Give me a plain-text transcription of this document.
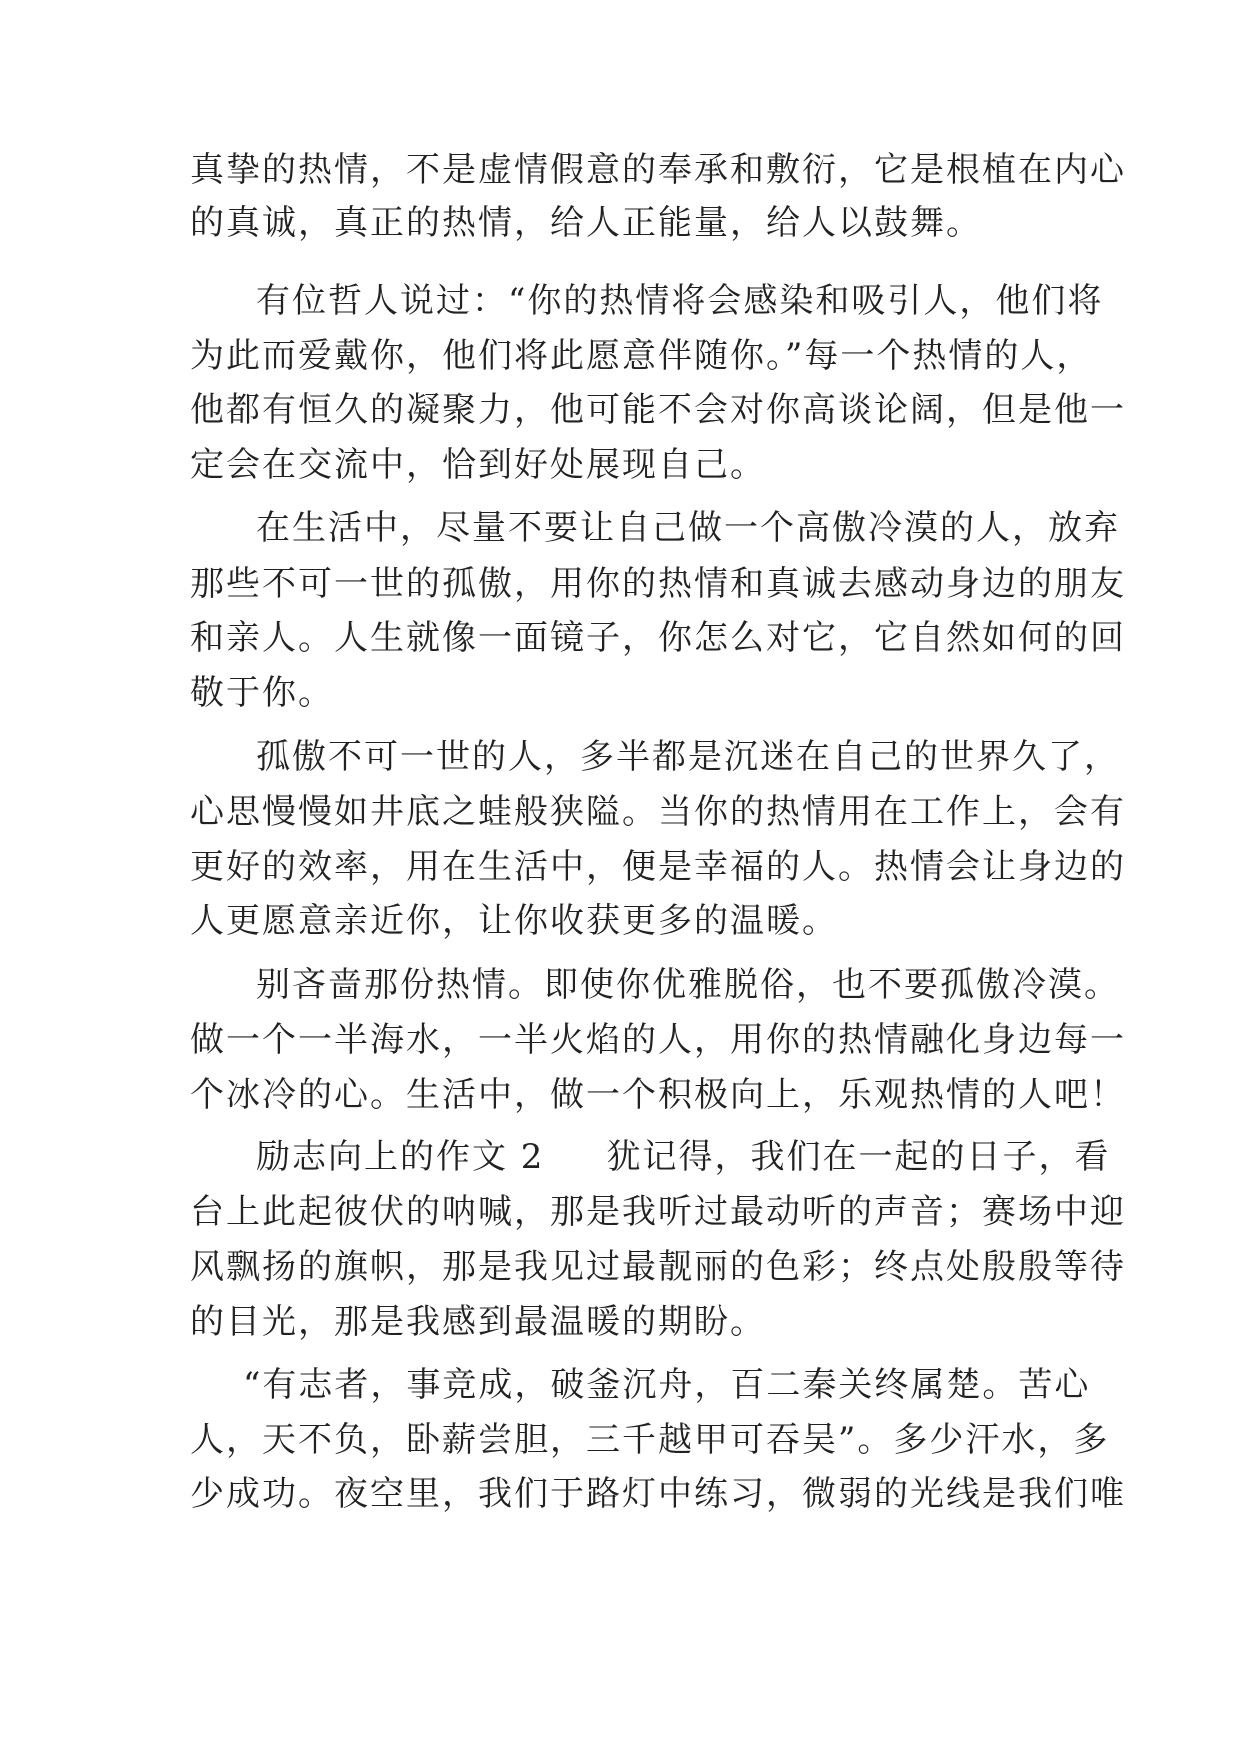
真挚的热情，不是虚情假意的奉承和敷衍，它是根植在内心
的真诚，真正的热情，给人正能量，给人以鼓舞。
有位哲人说过：“你的热情将会感染和吸引人，他们将
为此而爱戴你，他们将此愿意伴随你。”每一个热情的人，
他都有恒久的凝聚力，他可能不会对你高谈论阔，但是他一
定会在交流中，恰到好处展现自己。
在生活中，尽量不要让自己做一个高傲冷漠的人，放弃
那些不可一世的孤傲，用你的热情和真诚去感动身边的朋友
和亲人。人生就像一面镜子，你怎么对它，它自然如何的回
敬于你。
孤傲不可一世的人，多半都是沉迷在自己的世界久了，
心思慢慢如井底之蛙般狭隘。当你的热情用在工作上，会有
更好的效率，用在生活中，便是幸福的人。热情会让身边的
人更愿意亲近你，让你收获更多的温暖。
别吝啬那份热情。即使你优雅脱俗，也不要孤傲冷漠。
做一个一半海水，一半火焰的人，用你的热情融化身边每一
个冰冷的心。生活中，做一个积极向上，乐观热情的人吧！
励志向上的作文 2 犹记得，我们在一起的日子，看
台上此起彼伏的呐喊，那是我听过最动听的声音；赛场中迎
风飘扬的旗帜，那是我见过最靓丽的色彩；终点处殷殷等待
的目光，那是我感到最温暖的期盼。
“有志者，事竞成，破釜沉舟，百二秦关终属楚。苦心
人，天不负，卧薪尝胆，三千越甲可吞吴”。多少汗水，多
少成功。夜空里，我们于路灯中练习，微弱的光线是我们唯
